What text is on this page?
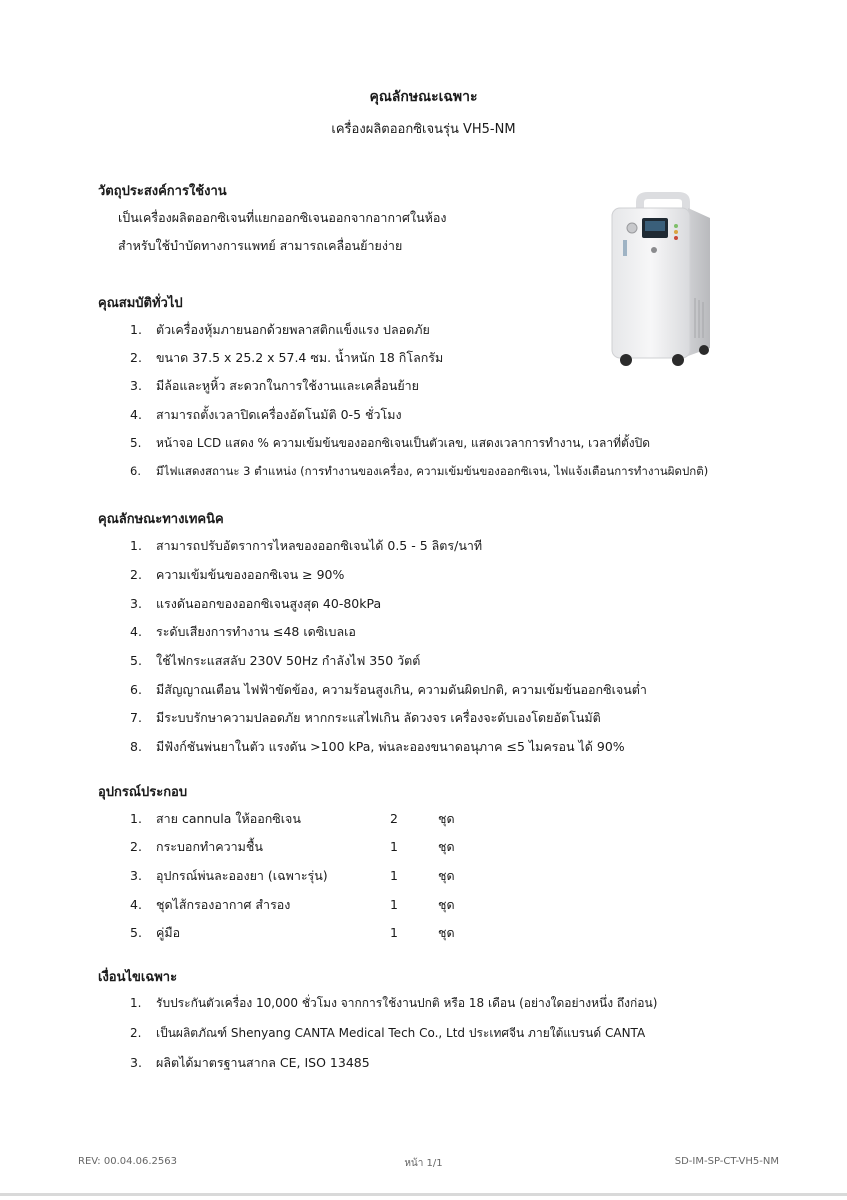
คุณลักษณะเฉพาะ
เครื่องผลิตออกซิเจนรุ่น VH5-NM
วัตถุประสงค์การใช้งาน
เป็นเครื่องผลิตออกซิเจนที่แยกออกซิเจนออกจากอากาศในห้อง
สำหรับใช้บำบัดทางการแพทย์ สามารถเคลื่อนย้ายง่าย
คุณสมบัติทั่วไป
1. ตัวเครื่องหุ้มภายนอกด้วยพลาสติกแข็งแรง ปลอดภัย
2. ขนาด 37.5 x 25.2 x 57.4 ซม. น้ำหนัก 18 กิโลกรัม
3. มีล้อและหูหิ้ว สะดวกในการใช้งานและเคลื่อนย้าย
4. สามารถตั้งเวลาปิดเครื่องอัตโนมัติ 0-5 ชั่วโมง
5. หน้าจอ LCD แสดง % ความเข้มข้นของออกซิเจนเป็นตัวเลข, แสดงเวลาการทำงาน, เวลาที่ตั้งปิด
6. มีไฟแสดงสถานะ 3 ตำแหน่ง (การทำงานของเครื่อง, ความเข้มข้นของออกซิเจน, ไฟแจ้งเตือนการทำงานผิดปกติ)
คุณลักษณะทางเทคนิค
1. สามารถปรับอัตราการไหลของออกซิเจนได้ 0.5 - 5 ลิตร/นาที
2. ความเข้มข้นของออกซิเจน ≥ 90%
3. แรงดันออกของออกซิเจนสูงสุด 40-80kPa
4. ระดับเสียงการทำงาน ≤48 เดซิเบลเอ
5. ใช้ไฟกระแสสลับ 230V 50Hz กำลังไฟ 350 วัตต์
6. มีสัญญาณเตือน ไฟฟ้าขัดข้อง, ความร้อนสูงเกิน, ความดันผิดปกติ, ความเข้มข้นออกซิเจนต่ำ
7. มีระบบรักษาความปลอดภัย หากกระแสไฟเกิน ลัดวงจร เครื่องจะดับเองโดยอัตโนมัติ
8. มีฟังก์ชันพ่นยาในตัว แรงดัน >100 kPa, พ่นละอองขนาดอนุภาค ≤5 ไมครอน ได้ 90%
อุปกรณ์ประกอบ
1. สาย cannula ให้ออกซิเจน	2	ชุด
2. กระบอกทำความชื้น	1	ชุด
3. อุปกรณ์พ่นละอองยา (เฉพาะรุ่น)	1	ชุด
4. ชุดไส้กรองอากาศ สำรอง	1	ชุด
5. คู่มือ	1	ชุด
เงื่อนไขเฉพาะ
1. รับประกันตัวเครื่อง 10,000 ชั่วโมง จากการใช้งานปกติ หรือ 18 เดือน (อย่างใดอย่างหนึ่ง ถึงก่อน)
2. เป็นผลิตภัณฑ์ Shenyang CANTA Medical Tech Co., Ltd ประเทศจีน ภายใต้แบรนด์ CANTA
3. ผลิตได้มาตรฐานสากล CE, ISO 13485
REV: 00.04.06.2563	หน้า 1/1	SD-IM-SP-CT-VH5-NM
